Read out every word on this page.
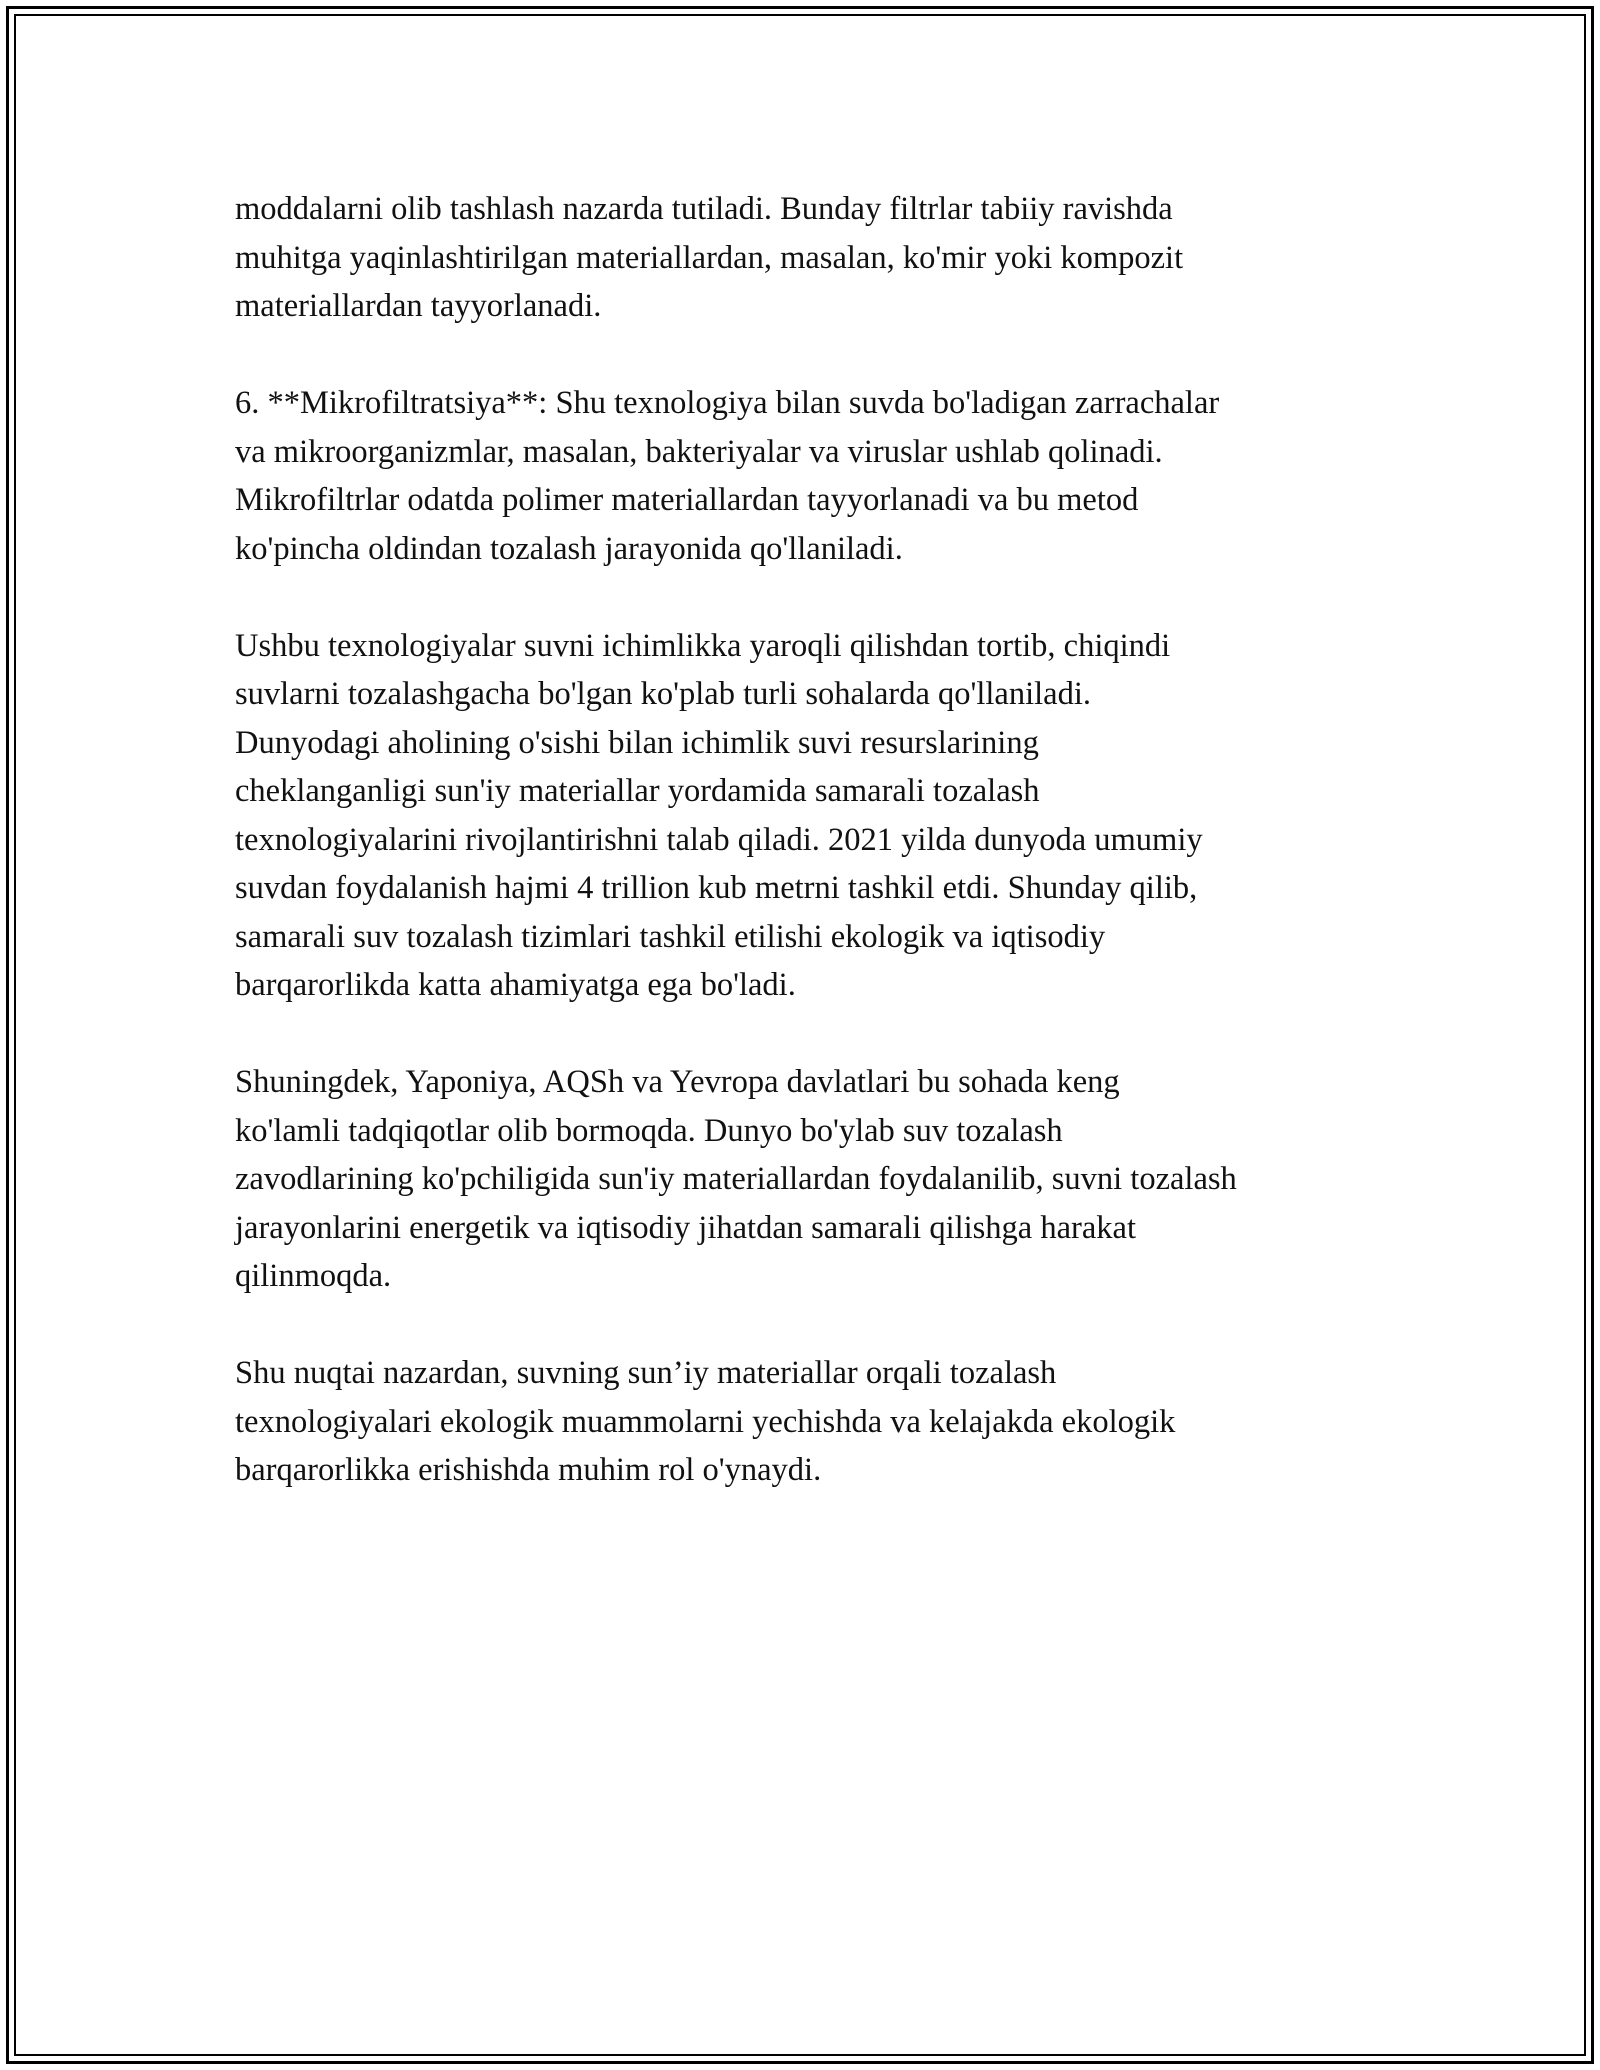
moddalarni olib tashlash nazarda tutiladi. Bunday filtrlar tabiiy ravishda
muhitga yaqinlashtirilgan materiallardan, masalan, ko'mir yoki kompozit
materiallardan tayyorlanadi.

6. **Mikrofiltratsiya**: Shu texnologiya bilan suvda bo'ladigan zarrachalar
va mikroorganizmlar, masalan, bakteriyalar va viruslar ushlab qolinadi.
Mikrofiltrlar odatda polimer materiallardan tayyorlanadi va bu metod
ko'pincha oldindan tozalash jarayonida qo'llaniladi.

Ushbu texnologiyalar suvni ichimlikka yaroqli qilishdan tortib, chiqindi
suvlarni tozalashgacha bo'lgan ko'plab turli sohalarda qo'llaniladi.
Dunyodagi aholining o'sishi bilan ichimlik suvi resurslarining
cheklanganligi sun'iy materiallar yordamida samarali tozalash
texnologiyalarini rivojlantirishni talab qiladi. 2021 yilda dunyoda umumiy
suvdan foydalanish hajmi 4 trillion kub metrni tashkil etdi. Shunday qilib,
samarali suv tozalash tizimlari tashkil etilishi ekologik va iqtisodiy
barqarorlikda katta ahamiyatga ega bo'ladi.

Shuningdek, Yaponiya, AQSh va Yevropa davlatlari bu sohada keng
ko'lamli tadqiqotlar olib bormoqda. Dunyo bo'ylab suv tozalash
zavodlarining ko'pchiligida sun'iy materiallardan foydalanilib, suvni tozalash
jarayonlarini energetik va iqtisodiy jihatdan samarali qilishga harakat
qilinmoqda.

Shu nuqtai nazardan, suvning sun’iy materiallar orqali tozalash
texnologiyalari ekologik muammolarni yechishda va kelajakda ekologik
barqarorlikka erishishda muhim rol o'ynaydi.
